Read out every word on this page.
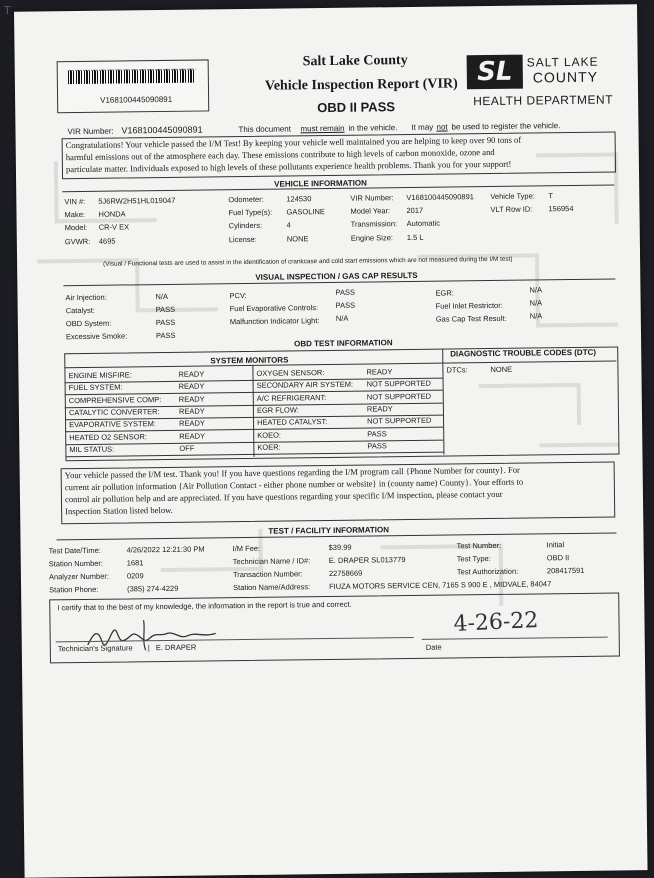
T
V168100445090891
Salt Lake County
Vehicle Inspection Report (VIR)
OBD II PASS
SL	SALT LAKE
COUNTY
HEALTH DEPARTMENT
VIR Number: V168100445090891	This document must remain in the vehicle. It may not be used to register the vehicle.
Congratulations! Your vehicle passed the I/M Test! By keeping your vehicle well maintained you are helping to keep over 90 tons of
harmful emissions out of the atmosphere each day. These emissions contribute to high levels of carbon monoxide, ozone and
particulate matter. Individuals exposed to high levels of these pollutants experience health problems. Thank you for your support!
VEHICLE INFORMATION
VIN #: 5J6RW2H51HL019047
Make: HONDA
Model: CR-V EX
GVWR: 4695
Odometer:	124530
Fuel Type(s): GASOLINE
Cylinders:	4
License:	NONE
VIR Number: V168100445090891
Model Year: 2017
Transmission: Automatic
Engine Size: 1.5 L
Vehicle Type: T
VLT Row ID: 156954
(Visual / Functional tests are used to assist in the identification of crankcase and cold start emissions which are not measured during the I/M test)
VISUAL INSPECTION / GAS CAP RESULTS
Air Injection:	N/A
Catalyst:	PASS
OBD System:	PASS
Excessive Smoke:	PASS
PCV:	PASS
Fuel Evaporative Controls: PASS
Malfunction Indicator Light: N/A
EGR:	N/A
Fuel Inlet Restrictor:	N/A
Gas Cap Test Result:	N/A
OBD TEST INFORMATION
SYSTEM MONITORS
DIAGNOSTIC TROUBLE CODES (DTC)
DTCs:	NONE
ENGINE MISFIRE:	READY
FUEL SYSTEM:	READY
COMPREHENSIVE COMP: READY
CATALYTIC CONVERTER:	READY
EVAPORATIVE SYSTEM:	READY
HEATED O2 SENSOR:	READY
MIL STATUS:	OFF
OXYGEN SENSOR:	READY
SECONDARY AIR SYSTEM: NOT SUPPORTED
A/C REFRIGERANT:	NOT SUPPORTED
EGR FLOW:	READY
HEATED CATALYST:	NOT SUPPORTED
KOEO:	PASS
KOER:	PASS
Your vehicle passed the I/M test. Thank you! If you have questions regarding the I/M program call {Phone Number for county}. For
current air pollution information {Air Pollution Contact - either phone number or website} in (county name) County}. Your efforts to
control air pollution help and are appreciated. If you have questions regarding your specific I/M inspection, please contact your
Inspection Station listed below.
TEST / FACILITY INFORMATION
Test Date/Time:	4/26/2022 12:21:30 PM
Station Number:	1681
Analyzer Number: 0209
Station Phone:	(385) 274-4229
I/M Fee:	$39.99
Technician Name / ID#: E. DRAPER SL013779
Transaction Number:	22758669
Station Name/Address:	FIUZA MOTORS SERVICE CEN, 7165 S 900 E , MIDVALE, 84047
Test Number:	Initial
Test Type:	OBD II
Test Authorization:	208417591
I certify that to the best of my knowledge, the information in the report is true and correct.
Technician's Signature | E. DRAPER
4-26-22
Date
